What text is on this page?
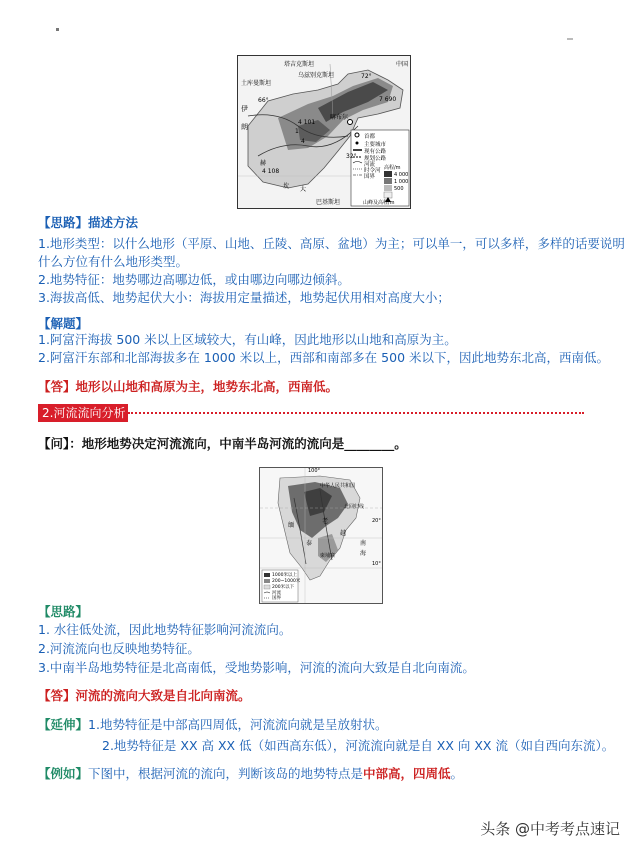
塔吉克斯坦
乌兹别克斯坦
土库曼斯坦
中国
伊
朗
喀布尔
坎 大
赫
巴基斯坦
1
4
66°
72°
7 690
4 101
32°
4 108
首都
主要城市
现有公路
规划公路
河流
时令河
国界
山峰及高程/m
高程/m
4 000
1 000
500
【思路】描述方法
1.地形类型：以什么地形（平原、山地、丘陵、高原、盆地）为主；可以单一，可以多样，多样的话要说明
什么方位有什么地形类型。
2.地势特征：地势哪边高哪边低，或由哪边向哪边倾斜。
3.海拔高低、地势起伏大小：海拔用定量描述，地势起伏用相对高度大小；
【解题】
1.阿富汗海拔 500 米以上区域较大，有山峰，因此地形以山地和高原为主。
2.阿富汗东部和北部海拔多在 1000 米以上，西部和南部多在 500 米以下，因此地势东北高，西南低。
【答】地形以山地和高原为主，地势东北高，西南低。
2.河流流向分析
【问】：地形地势决定河流流向，中南半岛河流的流向是________。
100°
中华人民共和国
北回归线
20°
10°
泰
缅
老
越
柬埔寨
南
海
1000米以上
200~1000米
200米以下
河流
国界
【思路】
1. 水往低处流，因此地势特征影响河流流向。
2.河流流向也反映地势特征。
3.中南半岛地势特征是北高南低，受地势影响，河流的流向大致是自北向南流。
【答】河流的流向大致是自北向南流。
【延伸】1.地势特征是中部高四周低，河流流向就是呈放射状。
2.地势特征是 XX 高 XX 低（如西高东低），河流流向就是自 XX 向 XX 流（如自西向东流）。
【例如】下图中，根据河流的流向，判断该岛的地势特点是中部高，四周低。
头条 @中考考点速记
